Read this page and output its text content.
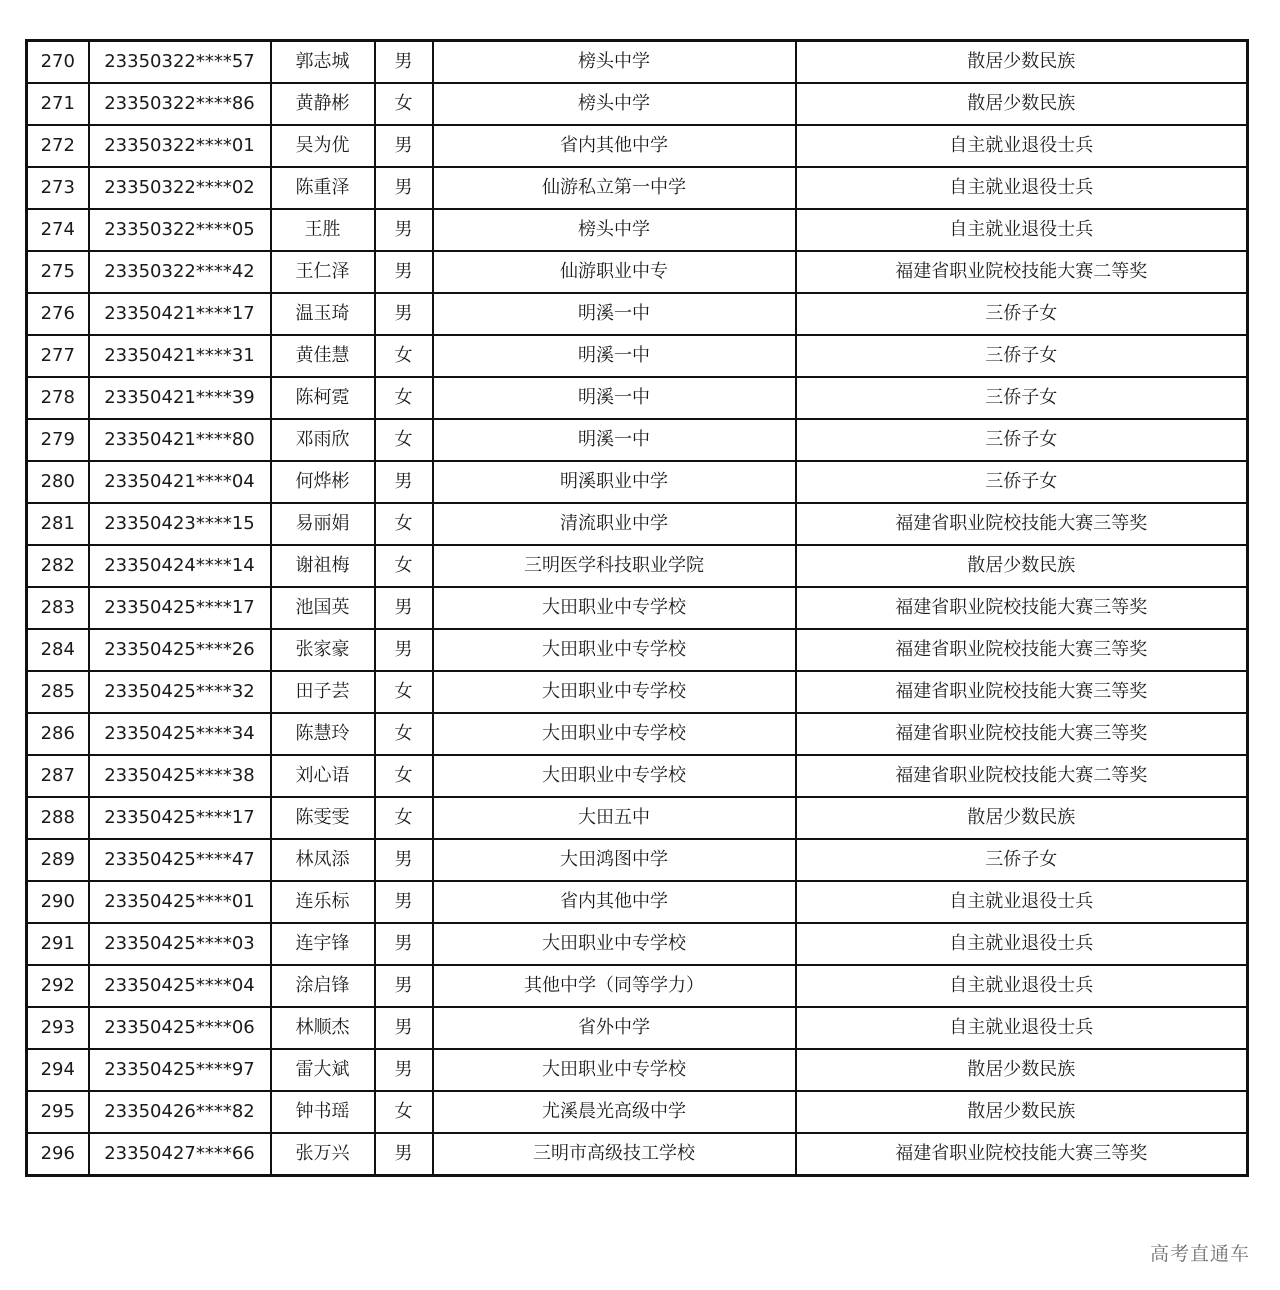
270	23350322****57	郭志城	男	榜头中学	散居少数民族
271	23350322****86	黄静彬	女	榜头中学	散居少数民族
272	23350322****01	吴为优	男	省内其他中学	自主就业退役士兵
273	23350322****02	陈重泽	男	仙游私立第一中学	自主就业退役士兵
274	23350322****05	王胜	男	榜头中学	自主就业退役士兵
275	23350322****42	王仁泽	男	仙游职业中专	福建省职业院校技能大赛二等奖
276	23350421****17	温玉琦	男	明溪一中	三侨子女
277	23350421****31	黄佳慧	女	明溪一中	三侨子女
278	23350421****39	陈柯霓	女	明溪一中	三侨子女
279	23350421****80	邓雨欣	女	明溪一中	三侨子女
280	23350421****04	何烨彬	男	明溪职业中学	三侨子女
281	23350423****15	易丽娟	女	清流职业中学	福建省职业院校技能大赛三等奖
282	23350424****14	谢祖梅	女	三明医学科技职业学院	散居少数民族
283	23350425****17	池国英	男	大田职业中专学校	福建省职业院校技能大赛三等奖
284	23350425****26	张家豪	男	大田职业中专学校	福建省职业院校技能大赛三等奖
285	23350425****32	田子芸	女	大田职业中专学校	福建省职业院校技能大赛三等奖
286	23350425****34	陈慧玲	女	大田职业中专学校	福建省职业院校技能大赛三等奖
287	23350425****38	刘心语	女	大田职业中专学校	福建省职业院校技能大赛二等奖
288	23350425****17	陈雯雯	女	大田五中	散居少数民族
289	23350425****47	林凤添	男	大田鸿图中学	三侨子女
290	23350425****01	连乐标	男	省内其他中学	自主就业退役士兵
291	23350425****03	连宇锋	男	大田职业中专学校	自主就业退役士兵
292	23350425****04	涂启锋	男	其他中学（同等学力）	自主就业退役士兵
293	23350425****06	林顺杰	男	省外中学	自主就业退役士兵
294	23350425****97	雷大斌	男	大田职业中专学校	散居少数民族
295	23350426****82	钟书瑶	女	尤溪晨光高级中学	散居少数民族
296	23350427****66	张万兴	男	三明市高级技工学校	福建省职业院校技能大赛三等奖
高考直通车
